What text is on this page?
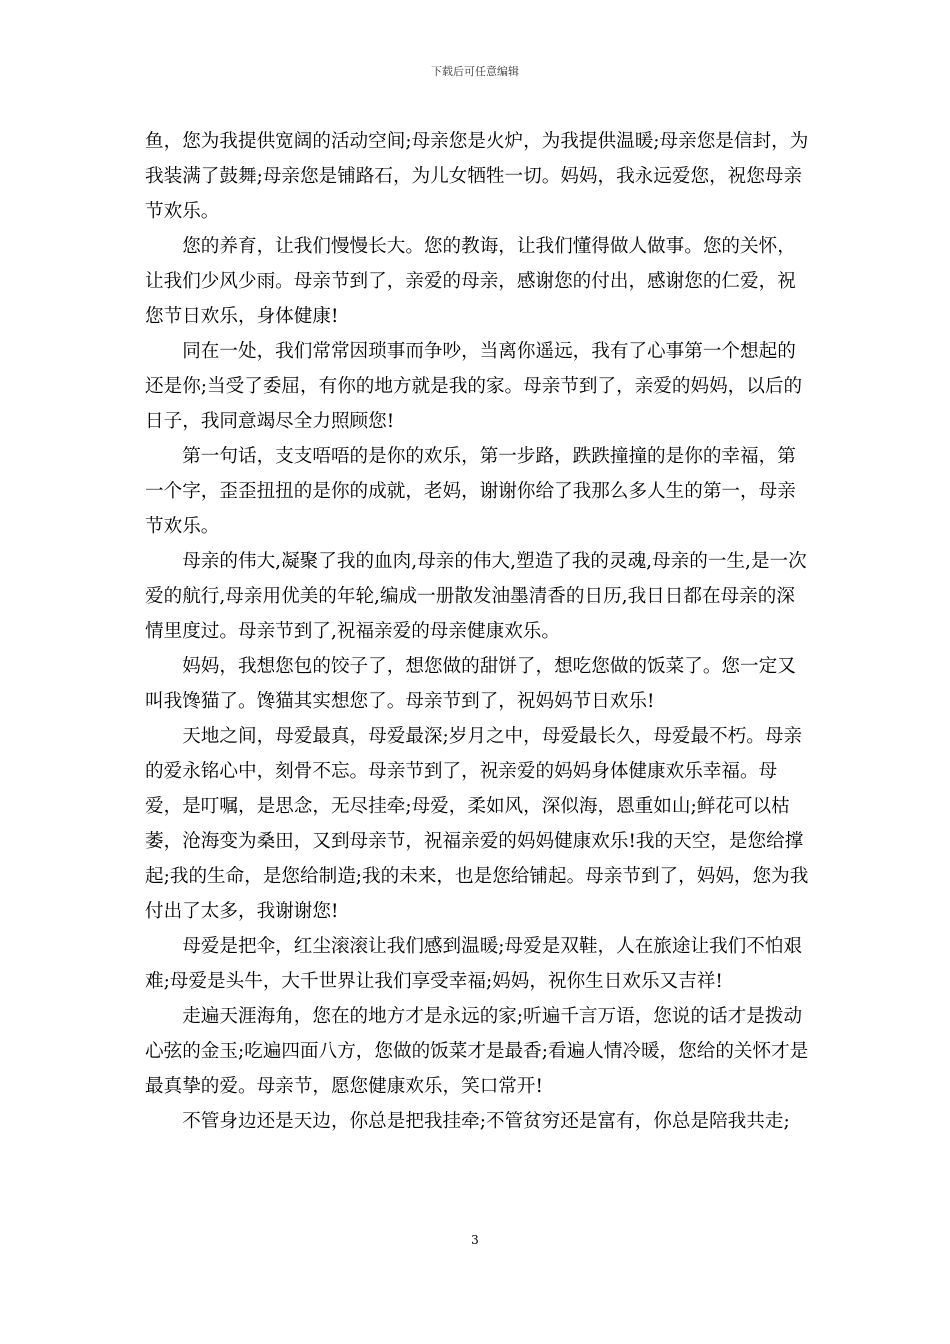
下载后可任意编辑

鱼，您为我提供宽阔的活动空间;母亲您是火炉，为我提供温暖;母亲您是信封，为我装满了鼓舞;母亲您是铺路石，为儿女牺牲一切。妈妈，我永远爱您，祝您母亲节欢乐。

您的养育，让我们慢慢长大。您的教诲，让我们懂得做人做事。您的关怀，让我们少风少雨。母亲节到了，亲爱的母亲，感谢您的付出，感谢您的仁爱，祝您节日欢乐，身体健康!

同在一处，我们常常因琐事而争吵，当离你遥远，我有了心事第一个想起的还是你;当受了委屈，有你的地方就是我的家。母亲节到了，亲爱的妈妈，以后的日子，我同意竭尽全力照顾您!

第一句话，支支唔唔的是你的欢乐，第一步路，跌跌撞撞的是你的幸福，第一个字，歪歪扭扭的是你的成就，老妈，谢谢你给了我那么多人生的第一，母亲节欢乐。

母亲的伟大,凝聚了我的血肉,母亲的伟大,塑造了我的灵魂,母亲的一生,是一次爱的航行,母亲用优美的年轮,编成一册散发油墨清香的日历,我日日都在母亲的深情里度过。母亲节到了,祝福亲爱的母亲健康欢乐。

妈妈，我想您包的饺子了，想您做的甜饼了，想吃您做的饭菜了。您一定又叫我馋猫了。馋猫其实想您了。母亲节到了，祝妈妈节日欢乐!

天地之间，母爱最真，母爱最深;岁月之中，母爱最长久，母爱最不朽。母亲的爱永铭心中，刻骨不忘。母亲节到了，祝亲爱的妈妈身体健康欢乐幸福。母爱，是叮嘱，是思念，无尽挂牵;母爱，柔如风，深似海，恩重如山;鲜花可以枯萎，沧海变为桑田，又到母亲节，祝福亲爱的妈妈健康欢乐!我的天空，是您给撑起;我的生命，是您给制造;我的未来，也是您给铺起。母亲节到了，妈妈，您为我付出了太多，我谢谢您!

母爱是把伞，红尘滚滚让我们感到温暖;母爱是双鞋，人在旅途让我们不怕艰难;母爱是头牛，大千世界让我们享受幸福;妈妈，祝你生日欢乐又吉祥!

走遍天涯海角，您在的地方才是永远的家;听遍千言万语，您说的话才是拨动心弦的金玉;吃遍四面八方，您做的饭菜才是最香;看遍人情冷暖，您给的关怀才是最真挚的爱。母亲节，愿您健康欢乐，笑口常开!

不管身边还是天边，你总是把我挂牵;不管贫穷还是富有，你总是陪我共走;

3
